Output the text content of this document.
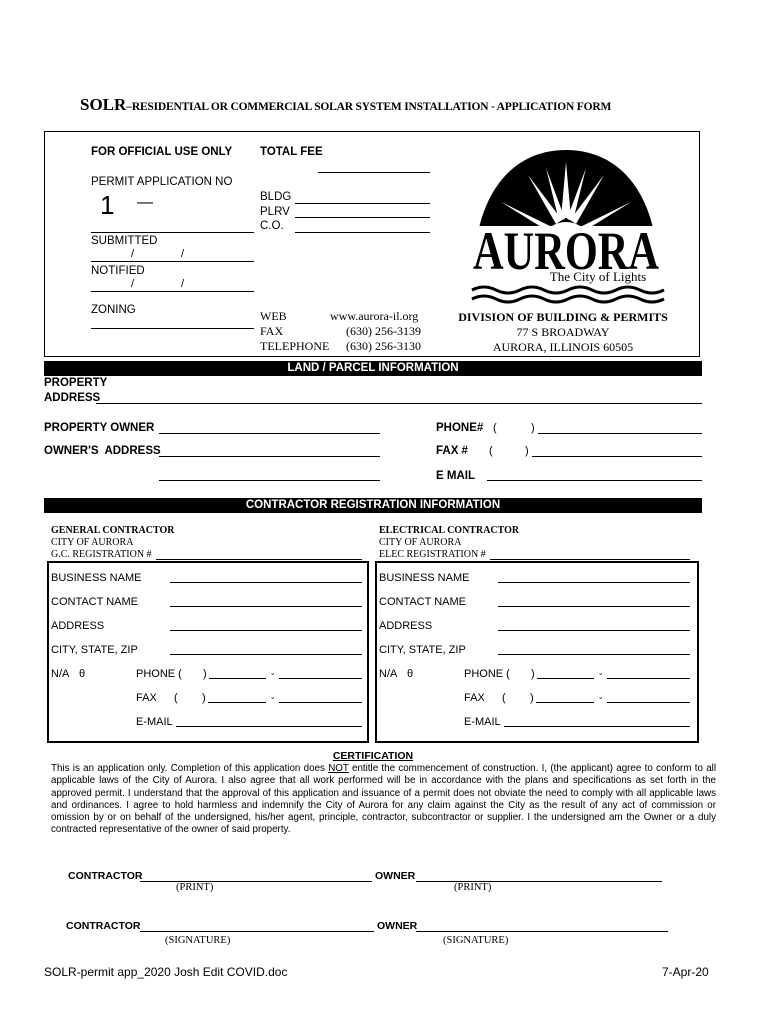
SOLR–RESIDENTIAL OR COMMERCIAL SOLAR SYSTEM INSTALLATION - APPLICATION FORM
FOR OFFICIAL USE ONLY TOTAL FEE
PERMIT APPLICATION NO
1 —	BLDG
PLRV
C.O.
SUBMITTED
/	/
NOTIFIED
/	/
ZONING	WEB	www.aurora-il.org
FAX	(630) 256-3139
TELEPHONE (630) 256-3130
DIVISION OF BUILDING & PERMITS
77 S BROADWAY
AURORA, ILLINOIS 60505
AURORA
The City of Lights
LAND / PARCEL INFORMATION
PROPERTY
ADDRESS
PROPERTY OWNER
OWNER'S  ADDRESS
PHONE# (	)
FAX # (	)
E MAIL
CONTRACTOR REGISTRATION INFORMATION
GENERAL CONTRACTOR
CITY OF AURORA
G.C. REGISTRATION #
ELECTRICAL CONTRACTOR
CITY OF AURORA
ELEC REGISTRATION #
BUSINESS NAME
CONTACT NAME
ADDRESS
CITY, STATE, ZIP
N/A θ	PHONE ( )	-
FAX ( )	-
E-MAIL
BUSINESS NAME
CONTACT NAME
ADDRESS
CITY, STATE, ZIP
N/A θ	PHONE ( )	-
FAX ( )	-
E-MAIL
CERTIFICATION
This is an application only. Completion of this application does NOT entitle the commencement of construction. I, (the applicant) agree to conform to all applicable laws of the City of Aurora. I also agree that all work performed will be in accordance with the plans and specifications as set forth in the approved permit. I understand that the approval of this application and issuance of a permit does not obviate the need to comply with all applicable laws and ordinances. I agree to hold harmless and indemnify the City of Aurora for any claim against the City as the result of any act of commission or omission by or on behalf of the undersigned, his/her agent, principle, contractor, subcontractor or supplier. I the undersigned am the Owner or a duly contracted representative of the owner of said property.
CONTRACTOR	OWNER
(PRINT)	(PRINT)
CONTRACTOR	OWNER
(SIGNATURE)	(SIGNATURE)
SOLR-permit app_2020 Josh Edit COVID.doc	7-Apr-20
